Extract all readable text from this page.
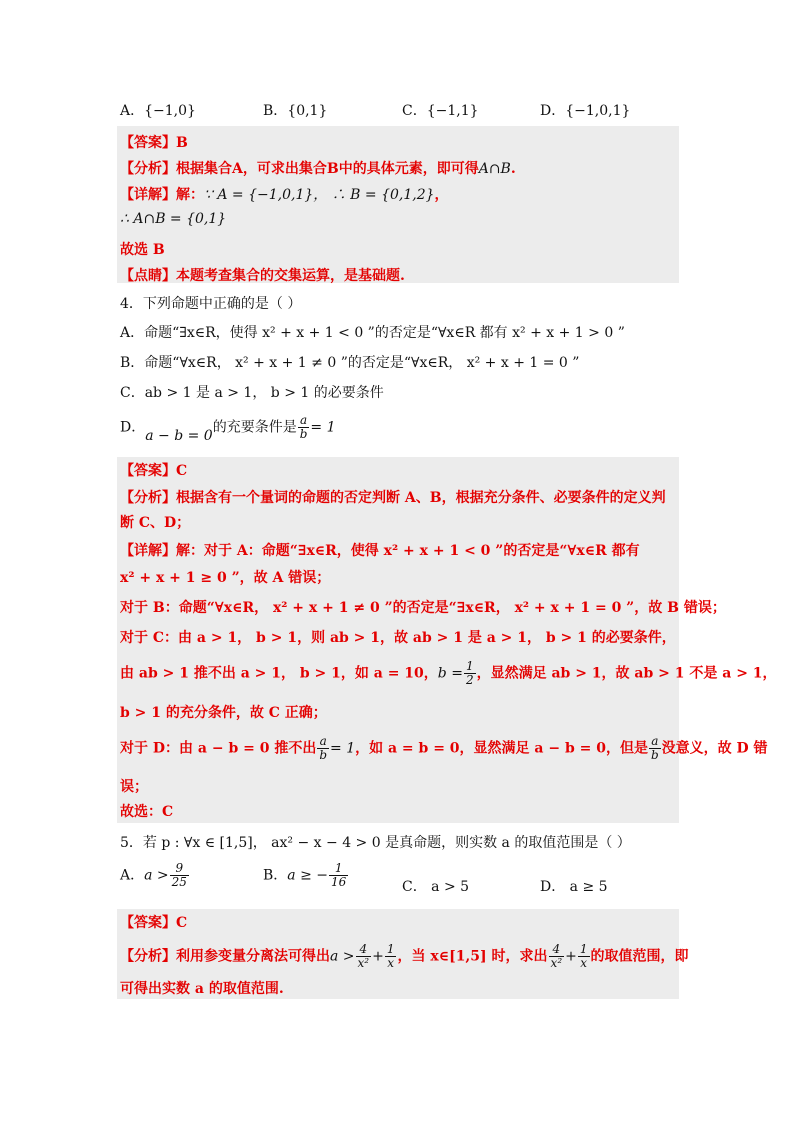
A．{−1,0}	B．{0,1}	C．{−1,1}	D．{−1,0,1}
【答案】B
【分析】根据集合A，可求出集合B中的具体元素，即可得A∩B.
【详解】解：∵ A = {−1,0,1}， ∴ B = {0,1,2}，
∴ A∩B = {0,1}
故选 B
【点睛】本题考查集合的交集运算，是基础题.
4．下列命题中正确的是（ ）
A．命题“∃x∈R，使得 x² + x + 1 < 0 ”的否定是“∀x∈R 都有 x² + x + 1 > 0 ”
B．命题“∀x∈R， x² + x + 1 ≠ 0 ”的否定是“∀x∈R， x² + x + 1 = 0 ”
C．ab > 1 是 a > 1， b > 1 的必要条件
D．a − b = 0的充要条件是 $\frac{a}{b} = 1$
【答案】C
【分析】根据含有一个量词的命题的否定判断 A、B，根据充分条件、必要条件的定义判
断 C、D；
【详解】解：对于 A：命题“∃x∈R，使得 x² + x + 1 < 0 ”的否定是“∀x∈R 都有
x² + x + 1 ≥ 0 ”，故 A 错误；
对于 B：命题“∀x∈R， x² + x + 1 ≠ 0 ”的否定是“∃x∈R， x² + x + 1 = 0 ”，故 B 错误；
对于 C：由 a > 1， b > 1，则 ab > 1，故 ab > 1 是 a > 1， b > 1 的必要条件，
由 ab > 1 推不出 a > 1， b > 1，如 a = 10，$b = \frac{1}{2}$ ，显然满足 ab > 1，故 ab > 1 不是 a > 1，
b > 1 的充分条件，故 C 正确；
对于 D：由 a − b = 0 推不出 $\frac{a}{b} = 1$，如 a = b = 0，显然满足 a − b = 0，但是 $\frac{a}{b}$ 没意义，故 D 错
误；
故选：C
5．若 p : ∀x ∈ [1,5]， ax² − x − 4 > 0 是真命题，则实数 a 的取值范围是（ ）
A．$a > \frac{9}{25}$	B．a ≥ − $\frac{1}{16}$	C． a > 5	D． a ≥ 5
【答案】C
【分析】利用参变量分离法可得出$a > \frac{4}{\text{x²}} + \frac{1}{x}$ ，当 x∈[1,5] 时，求出 $\frac{4}{\text{x²}} + \frac{1}{x}$ 的取值范围，即
可得出实数 a 的取值范围.
